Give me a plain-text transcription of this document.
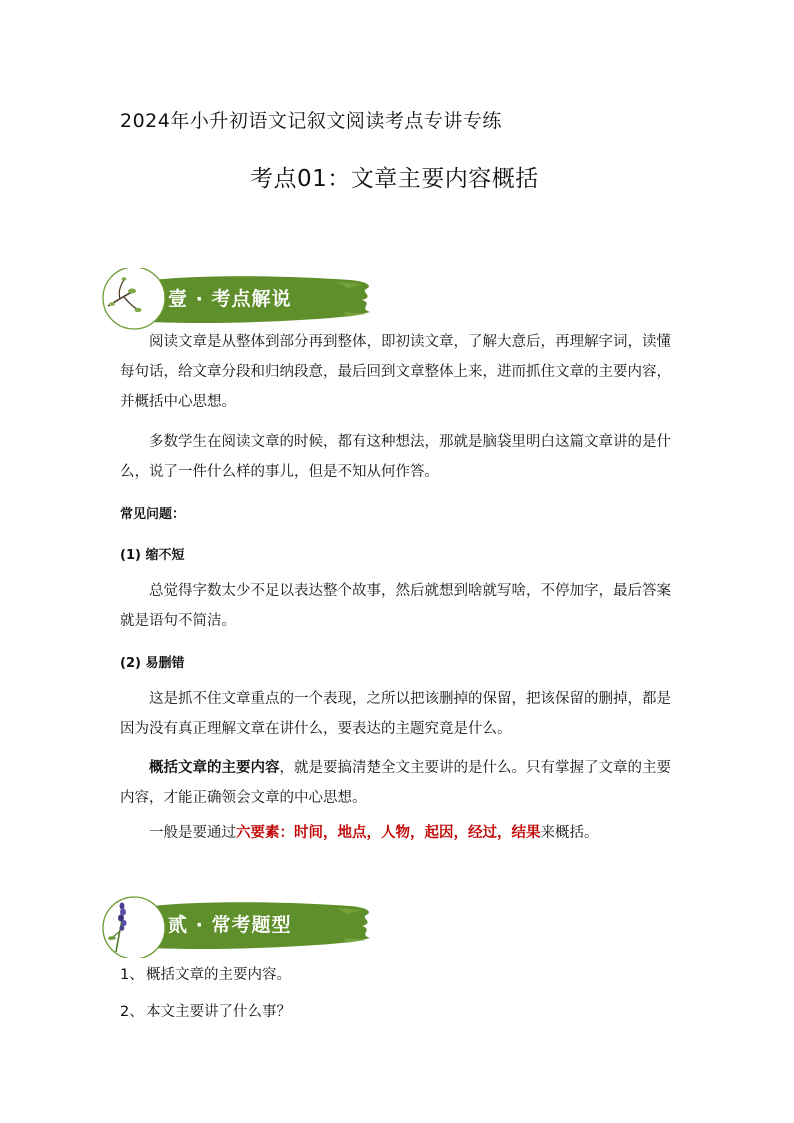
2024年小升初语文记叙文阅读考点专讲专练
考点01：文章主要内容概括
壹 · 考点解说

阅读文章是从整体到部分再到整体，即初读文章，了解大意后，再理解字词，读懂每句话，给文章分段和归纳段意，最后回到文章整体上来，进而抓住文章的主要内容，并概括中心思想。

多数学生在阅读文章的时候，都有这种想法，那就是脑袋里明白这篇文章讲的是什么，说了一件什么样的事儿，但是不知从何作答。

常见问题：
(1) 缩不短

总觉得字数太少不足以表达整个故事，然后就想到啥就写啥，不停加字，最后答案就是语句不简洁。

(2) 易删错

这是抓不住文章重点的一个表现，之所以把该删掉的保留，把该保留的删掉，都是因为没有真正理解文章在讲什么，要表达的主题究竟是什么。

概括文章的主要内容，就是要搞清楚全文主要讲的是什么。只有掌握了文章的主要内容，才能正确领会文章的中心思想。

一般是要通过六要素：时间，地点，人物，起因，经过，结果来概括。

贰 · 常考题型
1、 概括文章的主要内容。
2、 本文主要讲了什么事？
